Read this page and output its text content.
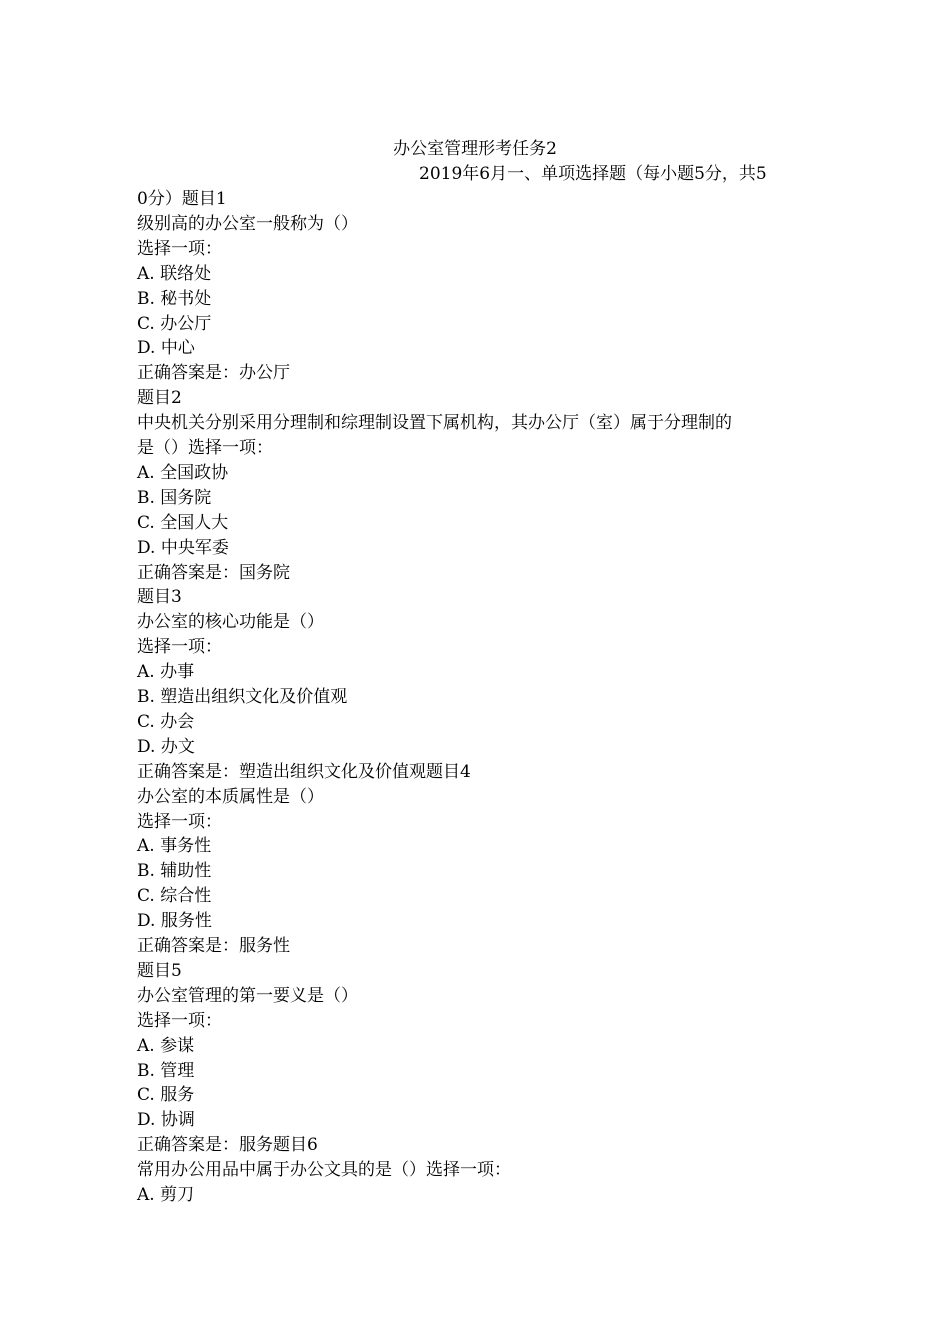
办公室管理形考任务2
2019年6月一、单项选择题（每小题5分，共5
0分）题目1
级别高的办公室一般称为（）
选择一项：
A. 联络处
B. 秘书处
C. 办公厅
D. 中心
正确答案是：办公厅
题目2
中央机关分别采用分理制和综理制设置下属机构，其办公厅（室）属于分理制的
是（）选择一项：
A. 全国政协
B. 国务院
C. 全国人大
D. 中央军委
正确答案是：国务院
题目3
办公室的核心功能是（）
选择一项：
A. 办事
B. 塑造出组织文化及价值观
C. 办会
D. 办文
正确答案是：塑造出组织文化及价值观题目4
办公室的本质属性是（）
选择一项：
A. 事务性
B. 辅助性
C. 综合性
D. 服务性
正确答案是：服务性
题目5
办公室管理的第一要义是（）
选择一项：
A. 参谋
B. 管理
C. 服务
D. 协调
正确答案是：服务题目6
常用办公用品中属于办公文具的是（）选择一项：
A. 剪刀
